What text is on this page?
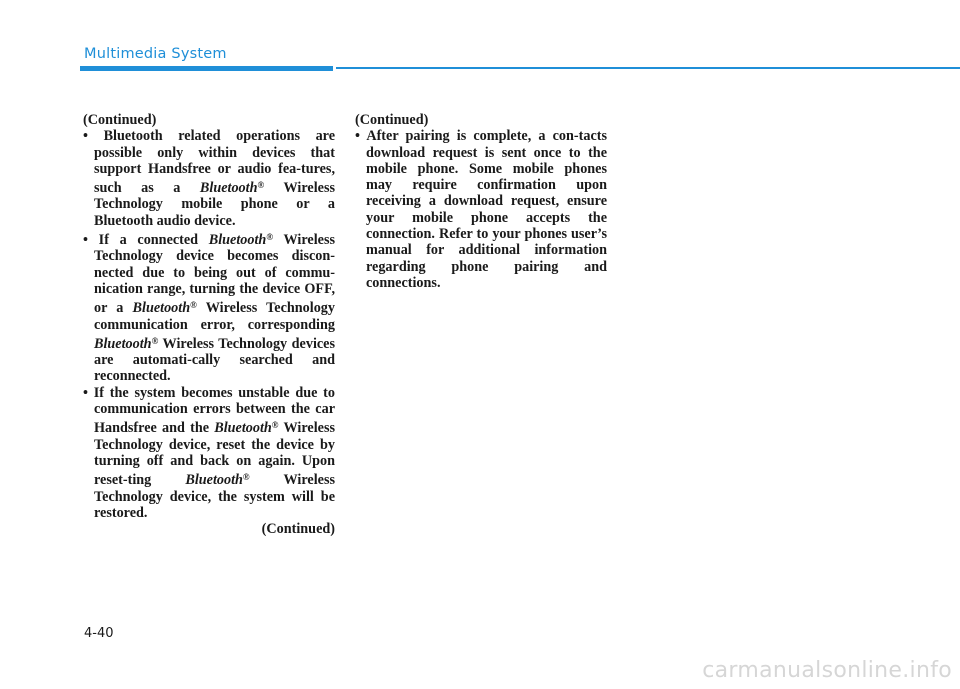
Multimedia System

(Continued)

• Bluetooth related operations are possible only within devices that support Handsfree or audio fea-tures, such as a Bluetooth® Wireless Technology mobile phone or a Bluetooth audio device.

• If a connected Bluetooth® Wireless Technology device becomes discon-nected due to being out of commu-nication range, turning the device OFF, or a Bluetooth® Wireless Technology communication error, corresponding Bluetooth® Wireless Technology devices are automati-cally searched and reconnected.

• If the system becomes unstable due to communication errors between the car Handsfree and the Bluetooth® Wireless Technology device, reset the device by turning off and back on again. Upon reset-ting Bluetooth® Wireless Technology device, the system will be restored.

(Continued)

(Continued)

• After pairing is complete, a con-tacts download request is sent once to the mobile phone. Some mobile phones may require confirmation upon receiving a download request, ensure your mobile phone accepts the connection. Refer to your phones user’s manual for additional information regarding phone pairing and connections.

4-40
carmanualsonline.info
